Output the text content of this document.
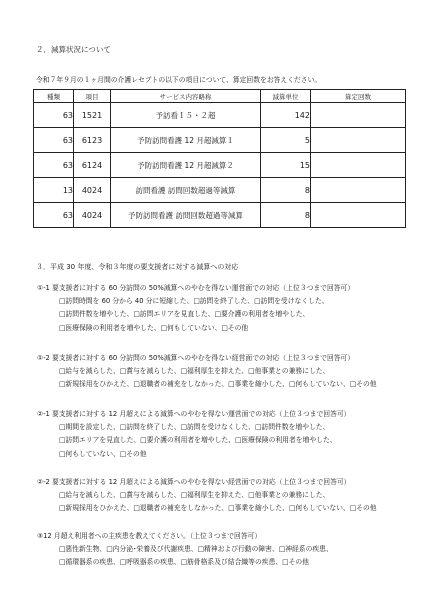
２．減算状況について
令和７年９月の１ヶ月間の介護レセプトの以下の項目について、算定回数をお答えください。
種類	項目	サービス内容略称	減算単位	算定回数
63	1521	予訪看Ｉ５・２超	142	
63	6123	予防訪問看護 12 月超減算１	5	
63	6124	予防訪問看護 12 月超減算２	15	
13	4024	訪問看護 訪問回数超過等減算	8	
63	4024	予防訪問看護 訪問回数超過等減算	8	
３．平成 30 年度、令和３年度の要支援者に対する減算への対応
①-1 要支援者に対する 60 分訪問の 50%減算へのやむを得ない運営面での対応（上位３つまで回答可）
□訪問時間を 60 分から 40 分に短縮した、□訪問を終了した、□訪問を受けなくした、
□訪問件数を増やした、□訪問エリアを見直した、□要介護の利用者を増やした、
□医療保険の利用者を増やした、□何もしていない、□その他
①-2 要支援者に対する 60 分訪問の 50%減算へのやむを得ない経営面での対応（上位３つまで回答可）
□給与を減らした、□賞与を減らした、□福利厚生を抑えた、□他事業との兼務にした、
□新規採用をひかえた、□退職者の補充をしなかった、□事業を縮小した、□何もしていない、□その他
②-1 要支援者に対する 12 月超えによる減算へのやむを得ない運営面での対応（上位３つまで回答可）
□期間を設定した、□訪問を終了した、□訪問を受けなくした、□訪問件数を増やした、
□訪問エリアを見直した、□要介護の利用者を増やした、□医療保険の利用者を増やした、
□何もしていない、□その他
②-2 要支援者に対する 12 月超えによる減算へのやむを得ない経営面での対応（上位３つまで回答可）
□給与を減らした、□賞与を減らした、□福利厚生を抑えた、□他事業との兼務にした、
□新規採用をひかえた、□退職者の補充をしなかった、□事業を縮小した、□何もしていない、□その他
③12 月超え利用者への主疾患を教えてください。（上位３つまで回答可）
□悪性新生物、□内分泌･栄養及び代謝疾患、□精神および行動の障害、□神経系の疾患、
□循環器系の疾患、□呼吸器系の疾患、□筋骨格系及び結合織等の疾患、□その他
